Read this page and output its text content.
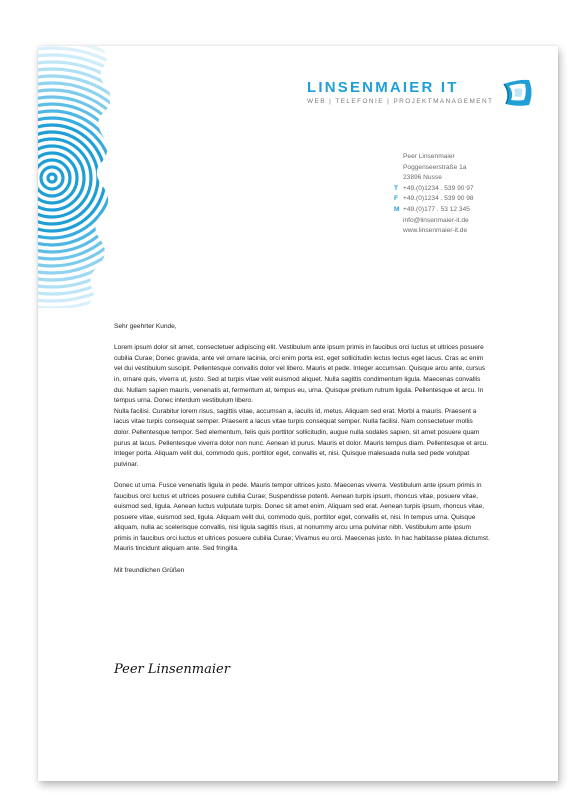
LINSENMAIER IT
WEB | TELEFONIE | PROJEKTMANAGEMENT
Peer Linsenmaier
Poggenseerstraße 1a
23896 Nusse
T +49.(0)1234 . 539 90 97
F +49.(0)1234 . 539 90 98
M +49.(0)177 . 53 12 345
info@linsenmaier-it.de
www.linsenmaier-it.de

Sehr geehrter Kunde,

Lorem ipsum dolor sit amet, consectetuer adipiscing elit. Vestibulum ante ipsum primis in faucibus orci luctus et ultrices posuere cubilia Curae; Donec gravida, ante vel ornare lacinia, orci enim porta est, eget sollicitudin lectus lectus eget lacus. Cras ac enim vel dui vestibulum suscipit. Pellentesque convallis dolor vel libero. Mauris et pede. Integer accumsan. Quisque arcu ante, cursus in, ornare quis, viverra ut, justo. Sed at turpis vitae velit euismod aliquet. Nulla sagittis condimentum ligula. Maecenas convallis dui. Nullam sapien mauris, venenatis at, fermentum at, tempus eu, urna. Quisque pretium rutrum ligula. Pellentesque et arcu. In tempus urna. Donec interdum vestibulum libero.

Nulla facilisi. Curabitur lorem risus, sagittis vitae, accumsan a, iaculis id, metus. Aliquam sed erat. Morbi a mauris. Praesent a lacus vitae turpis consequat semper. Praesent a lacus vitae turpis consequat semper. Nulla facilisi. Nam consectetuer mollis dolor. Pellentesque tempor. Sed elementum, felis quis porttitor sollicitudin, augue nulla sodales sapien, sit amet posuere quam purus at lacus. Pellentesque viverra dolor non nunc. Aenean id purus. Mauris et dolor. Mauris tempus diam. Pellentesque et arcu. Integer porta. Aliquam velit dui, commodo quis, porttitor eget, convallis et, nisi. Quisque malesuada nulla sed pede volutpat pulvinar.

Donec ut urna. Fusce venenatis ligula in pede. Mauris tempor ultrices justo. Maecenas viverra. Vestibulum ante ipsum primis in faucibus orci luctus et ultrices posuere cubilia Curae; Suspendisse potenti. Aenean turpis ipsum, rhoncus vitae, posuere vitae, euismod sed, ligula. Aenean luctus vulputate turpis. Donec sit amet enim. Aliquam sed erat. Aenean turpis ipsum, rhoncus vitae, posuere vitae, euismod sed, ligula. Aliquam velit dui, commodo quis, porttitor eget, convallis et, nisi. In tempus urna. Quisque aliquam, nulla ac scelerisque convallis, nisi ligula sagittis risus, at nonummy arcu urna pulvinar nibh. Vestibulum ante ipsum primis in faucibus orci luctus et ultrices posuere cubilia Curae; Vivamus eu orci. Maecenas justo. In hac habitasse platea dictumst. Mauris tincidunt aliquam ante. Sed fringilla.

Mit freundlichen Grüßen

Peer Linsenmaier
